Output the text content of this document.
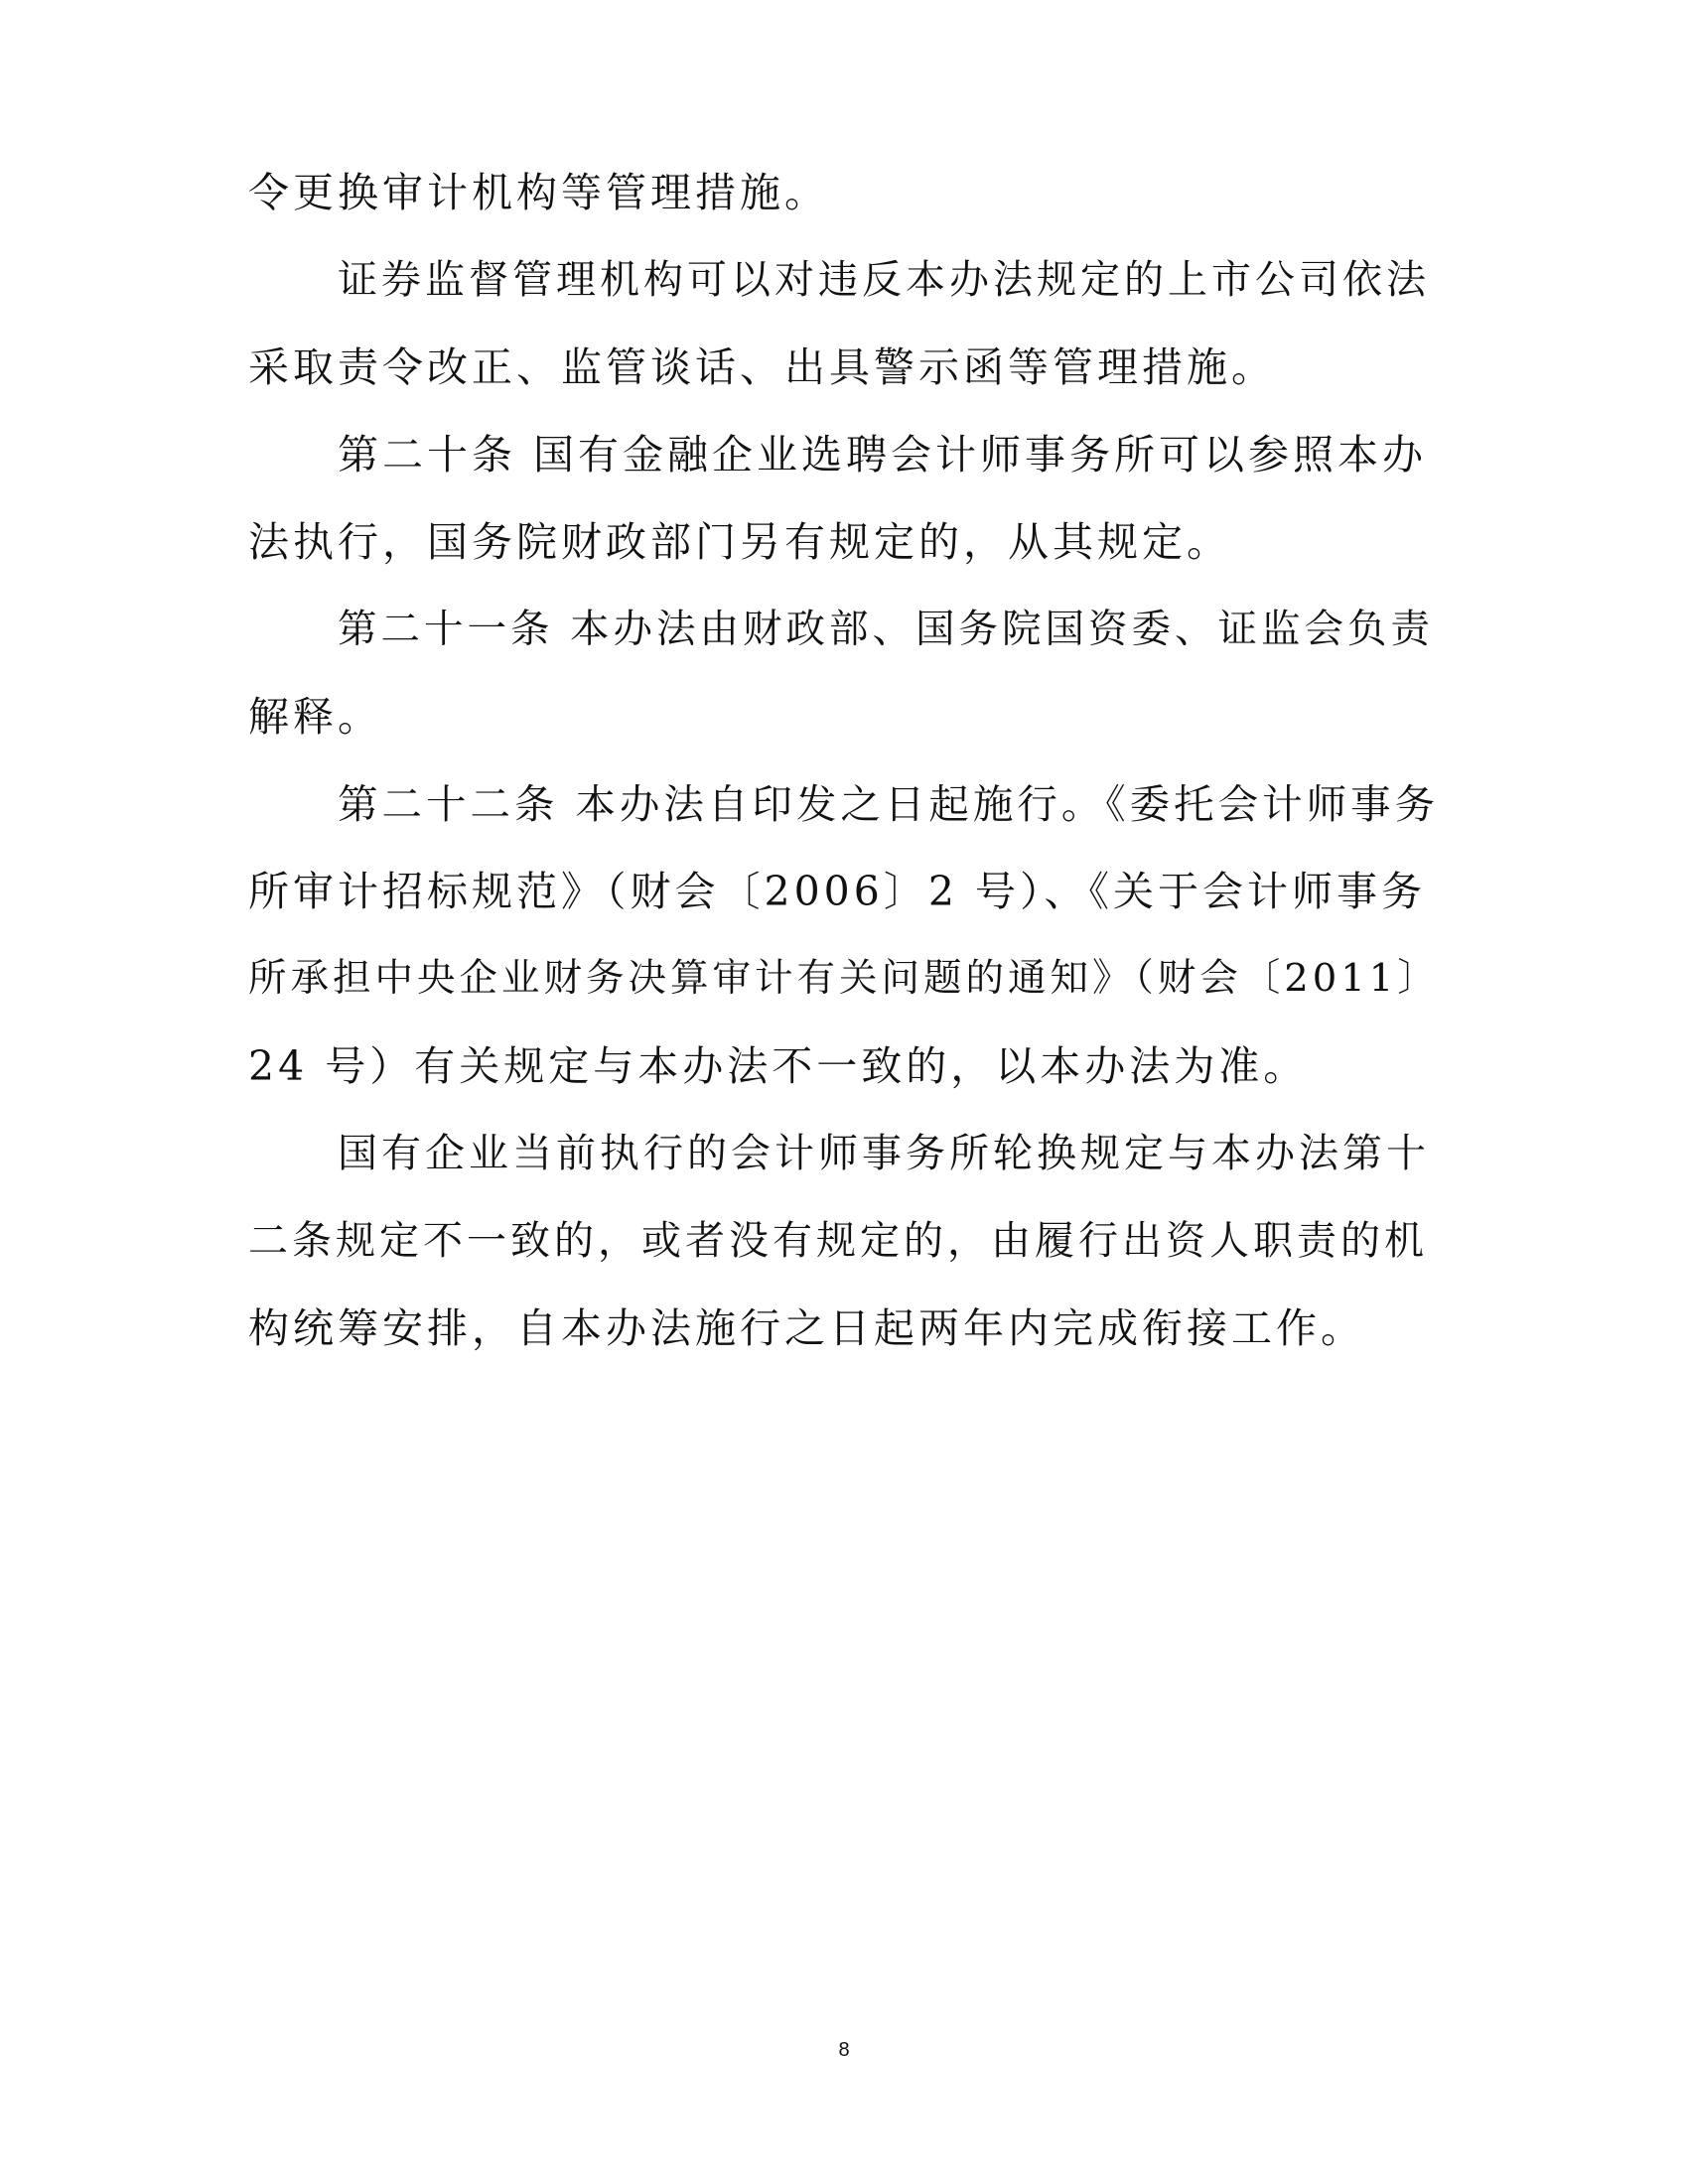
令更换审计机构等管理措施。
证券监督管理机构可以对违反本办法规定的上市公司依法
采取责令改正、监管谈话、出具警示函等管理措施。
第二十条 国有金融企业选聘会计师事务所可以参照本办
法执行，国务院财政部门另有规定的，从其规定。
第二十一条 本办法由财政部、国务院国资委、证监会负责
解释。
第二十二条 本办法自印发之日起施行。《委托会计师事务
所审计招标规范》（财会〔2006〕2 号）、《关于会计师事务
所承担中央企业财务决算审计有关问题的通知》（财会〔2011〕
24 号）有关规定与本办法不一致的，以本办法为准。
国有企业当前执行的会计师事务所轮换规定与本办法第十
二条规定不一致的，或者没有规定的，由履行出资人职责的机
构统筹安排，自本办法施行之日起两年内完成衔接工作。
8
